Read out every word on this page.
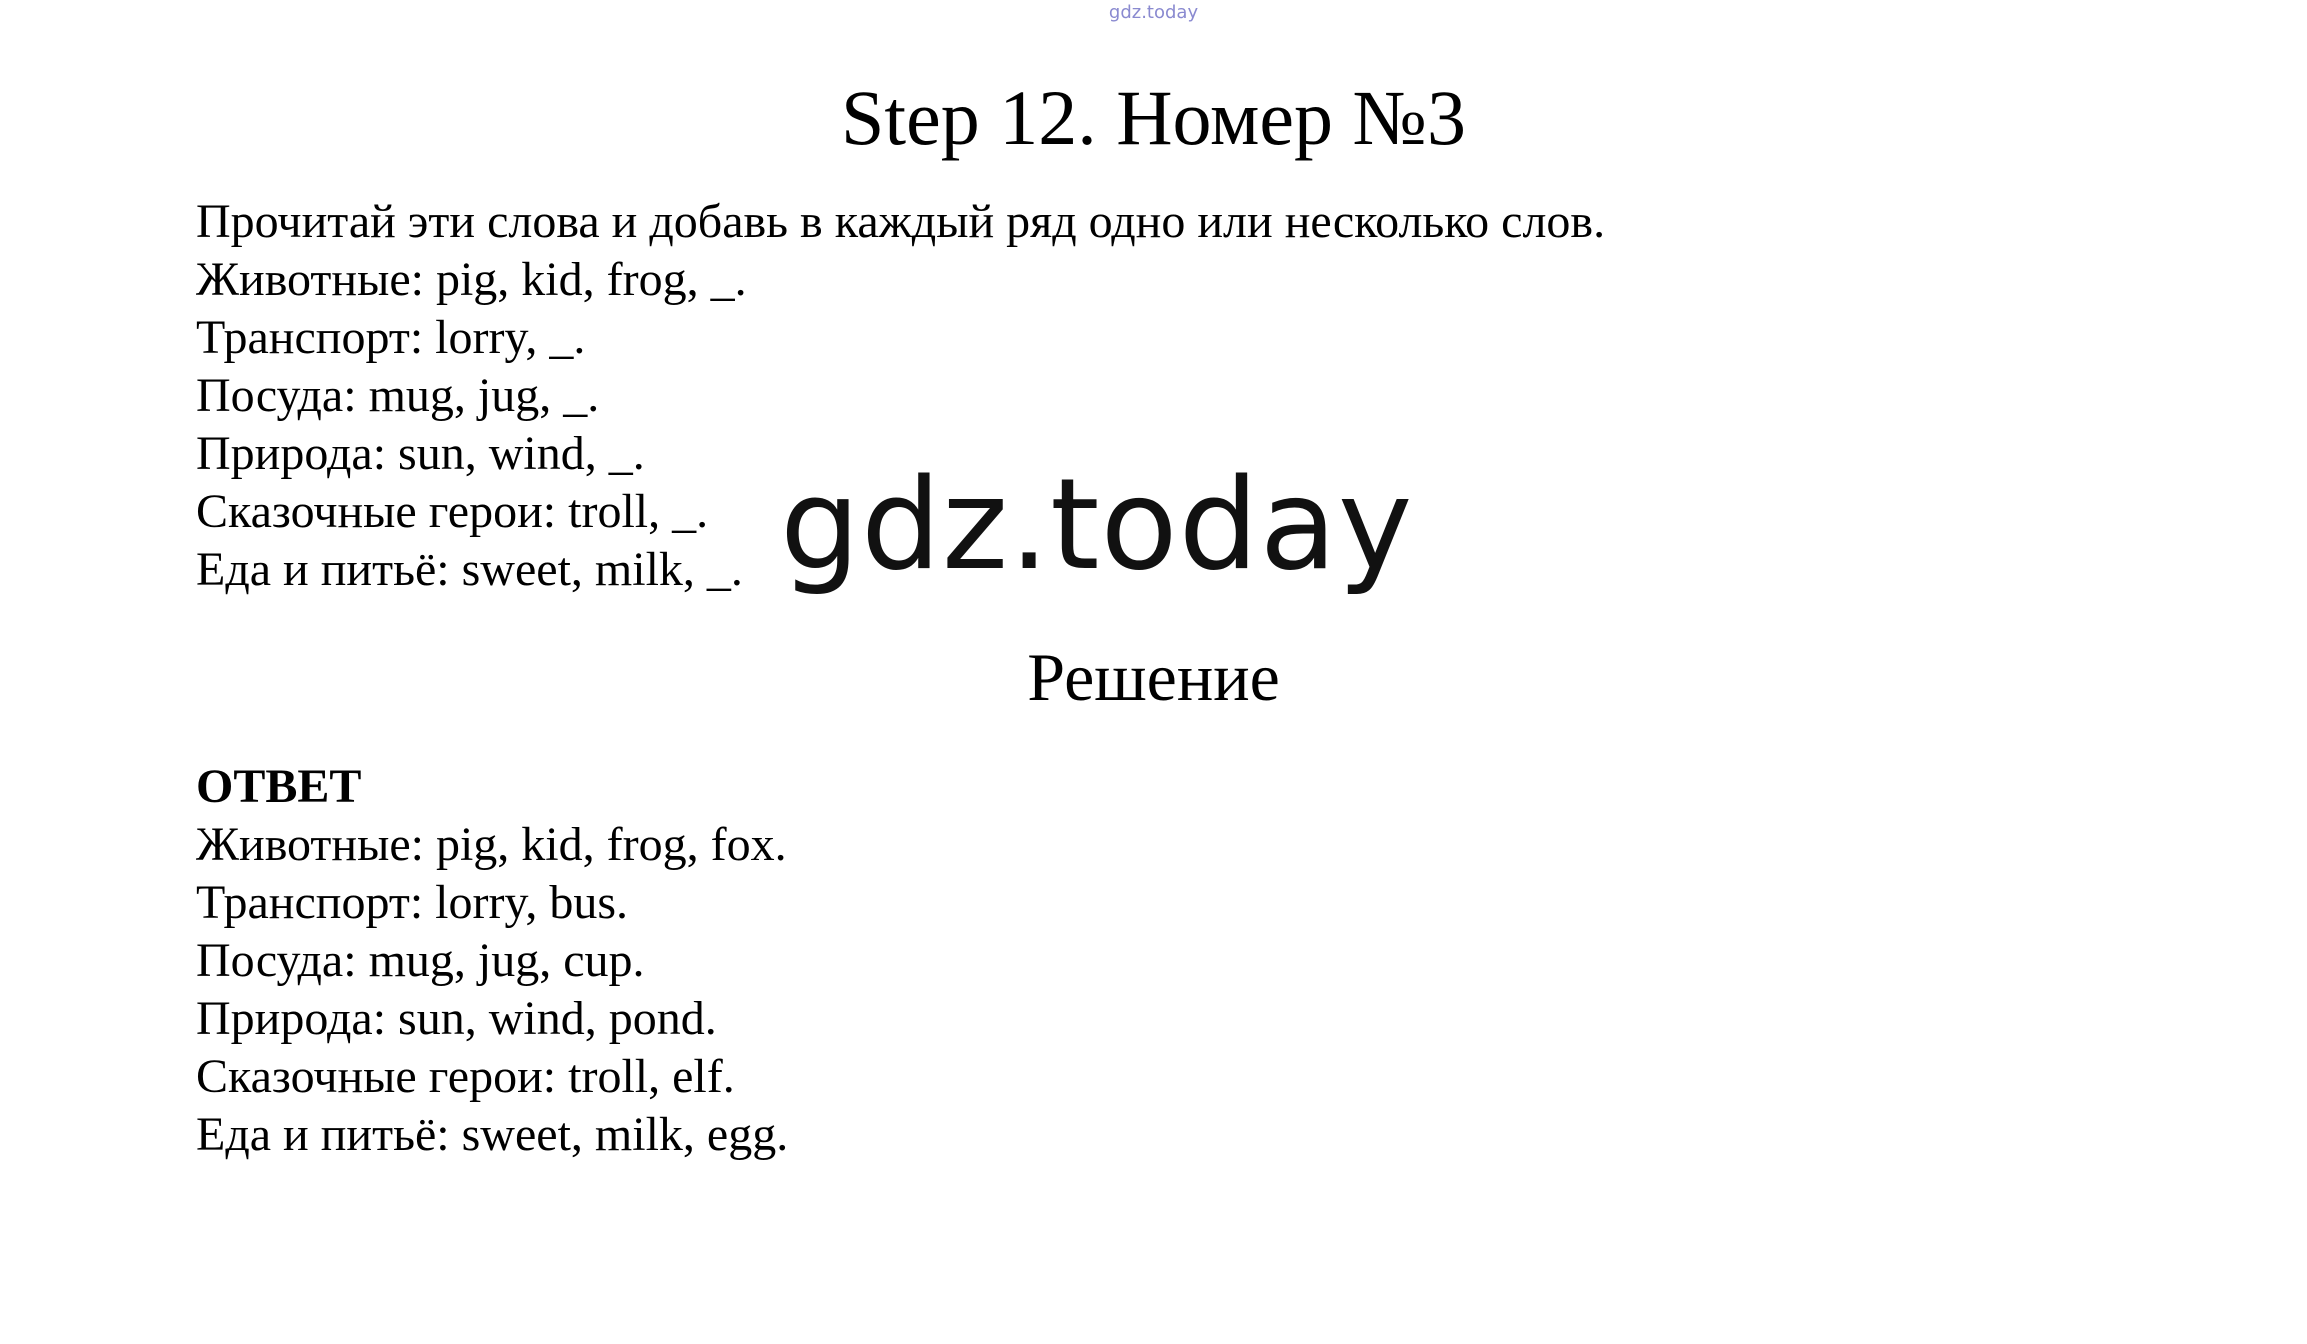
gdz.today
Step 12. Номер №3
Прочитай эти слова и добавь в каждый ряд одно или несколько слов.
Животные: pig, kid, frog, _.
Транспорт: lorry, _.
Посуда: mug, jug, _.
Природа: sun, wind, _.
Сказочные герои: troll, _.
Еда и питьё: sweet, milk, _. gdz.today
Решение
ОТВЕТ
Животные: pig, kid, frog, fox.
Транспорт: lorry, bus.
Посуда: mug, jug, cup.
Природа: sun, wind, pond.
Сказочные герои: troll, elf.
Еда и питьё: sweet, milk, egg.
